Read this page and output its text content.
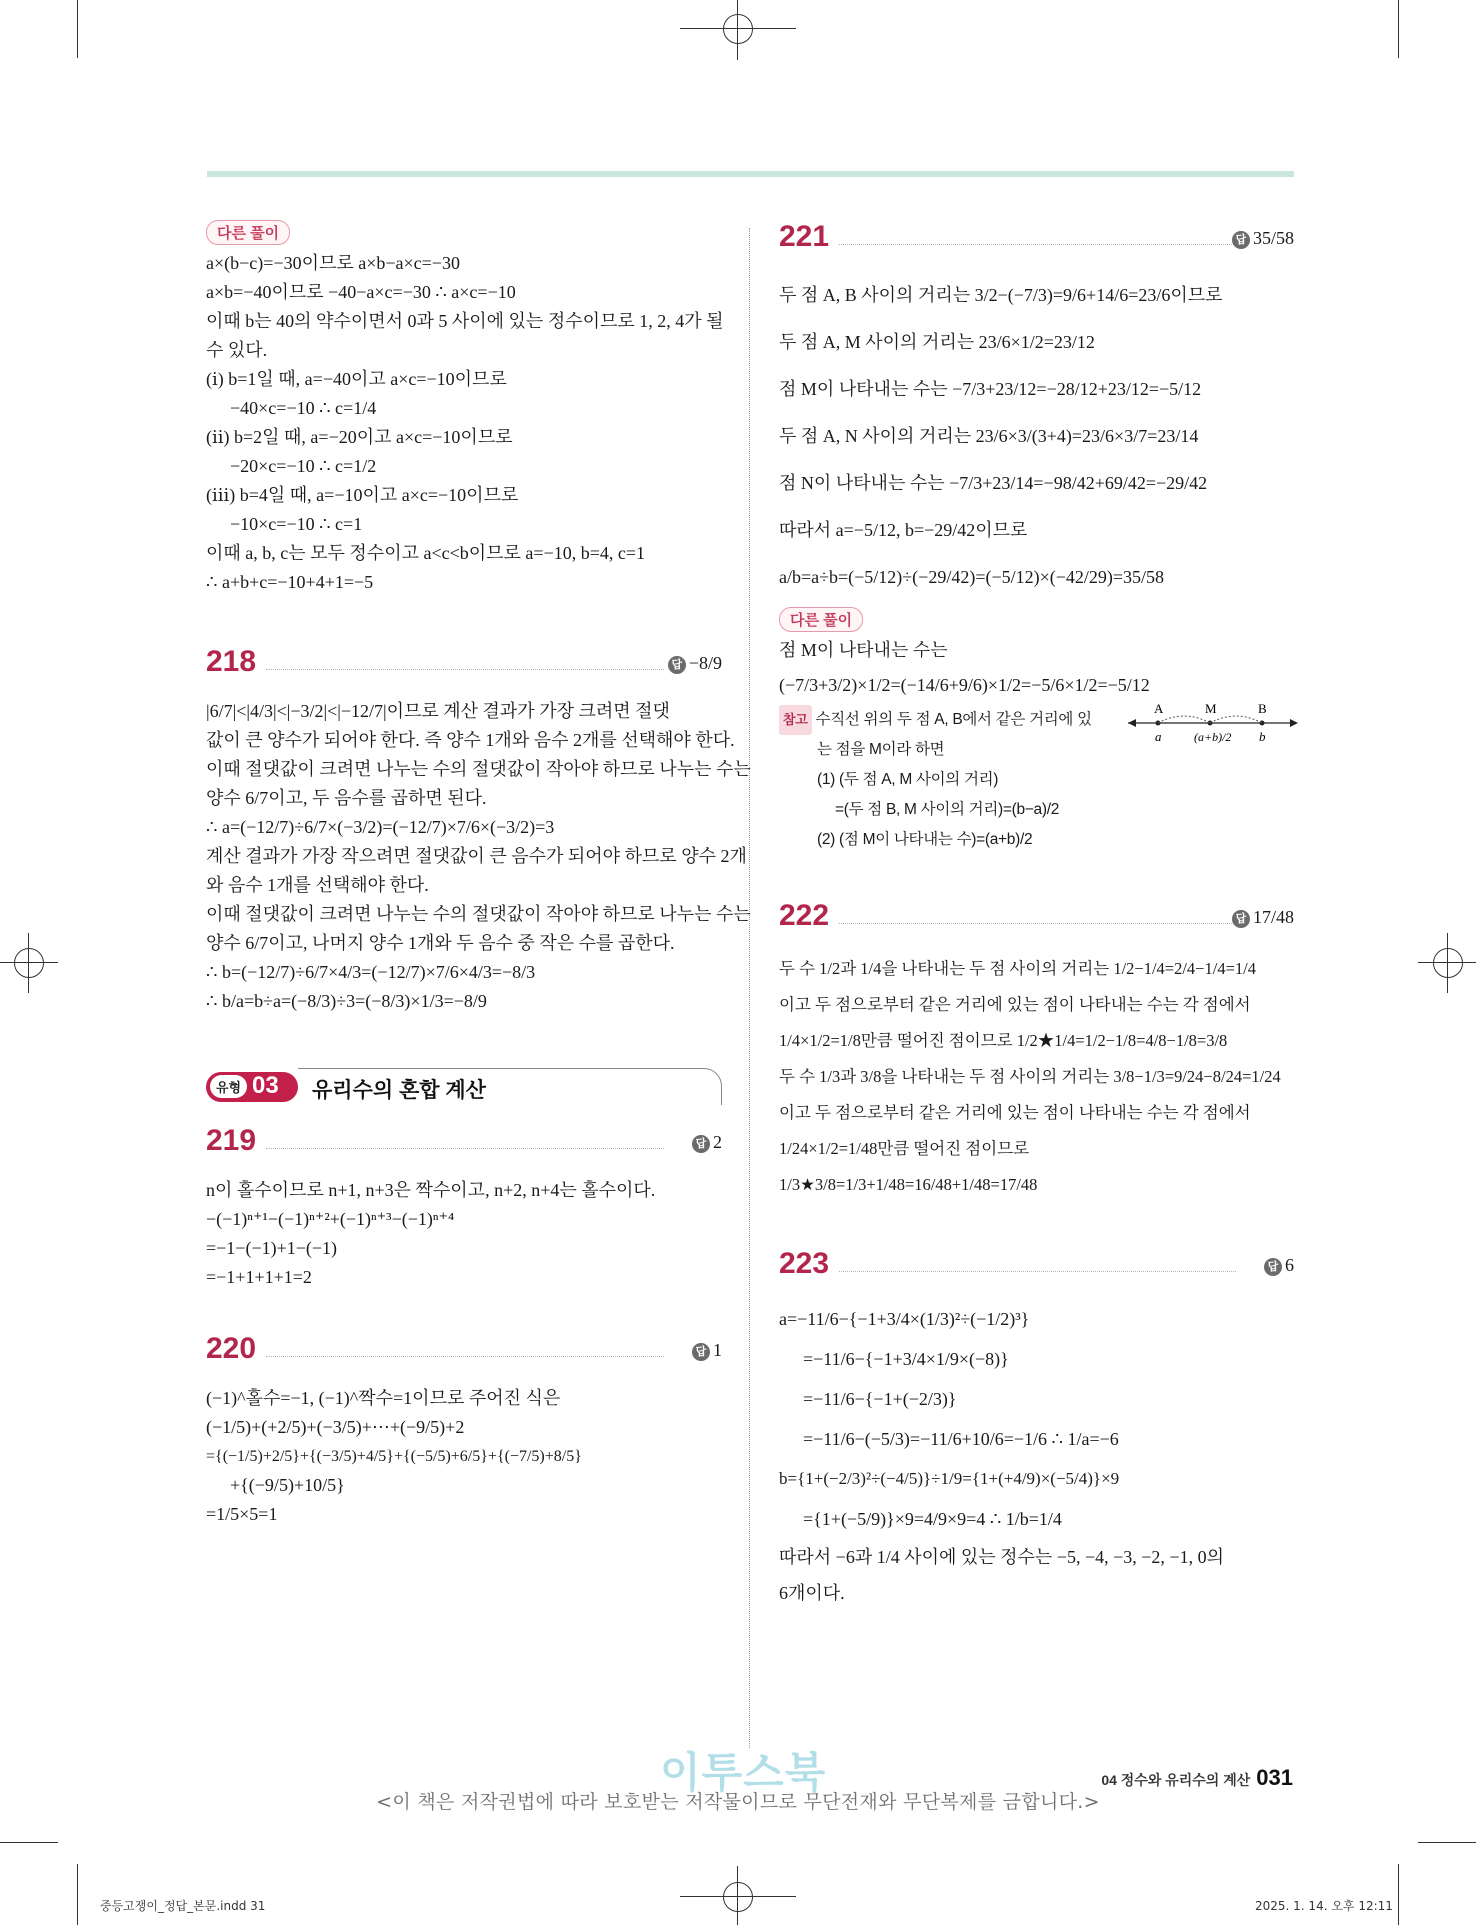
다른 풀이
a×(b−c)=−30이므로 a×b−a×c=−30
a×b=−40이므로 −40−a×c=−30 ∴ a×c=−10
이때 b는 40의 약수이면서 0과 5 사이에 있는 정수이므로 1, 2, 4가 될
수 있다.
(ⅰ) b=1일 때, a=−40이고 a×c=−10이므로
−40×c=−10 ∴ c=1/4
(ⅱ) b=2일 때, a=−20이고 a×c=−10이므로
−20×c=−10 ∴ c=1/2
(ⅲ) b=4일 때, a=−10이고 a×c=−10이므로
−10×c=−10 ∴ c=1
이때 a, b, c는 모두 정수이고 a<c<b이므로 a=−10, b=4, c=1
∴ a+b+c=−10+4+1=−5
218	답 −8/9
|6/7|<|4/3|<|−3/2|<|−12/7|이므로 계산 결과가 가장 크려면 절댓
값이 큰 양수가 되어야 한다. 즉 양수 1개와 음수 2개를 선택해야 한다.
이때 절댓값이 크려면 나누는 수의 절댓값이 작아야 하므로 나누는 수는
양수 6/7이고, 두 음수를 곱하면 된다.
∴ a=(−12/7)÷6/7×(−3/2)=(−12/7)×7/6×(−3/2)=3
계산 결과가 가장 작으려면 절댓값이 큰 음수가 되어야 하므로 양수 2개
와 음수 1개를 선택해야 한다.
이때 절댓값이 크려면 나누는 수의 절댓값이 작아야 하므로 나누는 수는
양수 6/7이고, 나머지 양수 1개와 두 음수 중 작은 수를 곱한다.
∴ b=(−12/7)÷6/7×4/3=(−12/7)×7/6×4/3=−8/3
∴ b/a=b÷a=(−8/3)÷3=(−8/3)×1/3=−8/9
유형 03 유리수의 혼합 계산
219	답 2
n이 홀수이므로 n+1, n+3은 짝수이고, n+2, n+4는 홀수이다.
−(−1)ⁿ⁺¹−(−1)ⁿ⁺²+(−1)ⁿ⁺³−(−1)ⁿ⁺⁴
=−1−(−1)+1−(−1)
=−1+1+1+1=2
220	답 1
(−1)^홀수=−1, (−1)^짝수=1이므로 주어진 식은
(−1/5)+(+2/5)+(−3/5)+⋯+(−9/5)+2
={(−1/5)+2/5}+{(−3/5)+4/5}+{(−5/5)+6/5}+{(−7/5)+8/5}
+{(−9/5)+10/5}
=1/5×5=1
221	답 35/58
두 점 A, B 사이의 거리는 3/2−(−7/3)=9/6+14/6=23/6이므로
두 점 A, M 사이의 거리는 23/6×1/2=23/12
점 M이 나타내는 수는 −7/3+23/12=−28/12+23/12=−5/12
두 점 A, N 사이의 거리는 23/6×3/(3+4)=23/6×3/7=23/14
점 N이 나타내는 수는 −7/3+23/14=−98/42+69/42=−29/42
따라서 a=−5/12, b=−29/42이므로
a/b=a÷b=(−5/12)÷(−29/42)=(−5/12)×(−42/29)=35/58
다른 풀이
점 M이 나타내는 수는
(−7/3+3/2)×1/2=(−14/6+9/6)×1/2=−5/6×1/2=−5/12
참고 수직선 위의 두 점 A, B에서 같은 거리에 있
는 점을 M이라 하면
(1) (두 점 A, M 사이의 거리)
=(두 점 B, M 사이의 거리)=(b−a)/2
(2) (점 M이 나타내는 수)=(a+b)/2
A	M	B
a	(a+b)/2 b
222	답 17/48
두 수 1/2과 1/4을 나타내는 두 점 사이의 거리는 1/2−1/4=2/4−1/4=1/4
이고 두 점으로부터 같은 거리에 있는 점이 나타내는 수는 각 점에서
1/4×1/2=1/8만큼 떨어진 점이므로 1/2★1/4=1/2−1/8=4/8−1/8=3/8
두 수 1/3과 3/8을 나타내는 두 점 사이의 거리는 3/8−1/3=9/24−8/24=1/24
이고 두 점으로부터 같은 거리에 있는 점이 나타내는 수는 각 점에서
1/24×1/2=1/48만큼 떨어진 점이므로
1/3★3/8=1/3+1/48=16/48+1/48=17/48
223	답 6
a=−11/6−{−1+3/4×(1/3)²÷(−1/2)³}
=−11/6−{−1+3/4×1/9×(−8)}
=−11/6−{−1+(−2/3)}
=−11/6−(−5/3)=−11/6+10/6=−1/6 ∴ 1/a=−6
b={1+(−2/3)²÷(−4/5)}÷1/9={1+(+4/9)×(−5/4)}×9
={1+(−5/9)}×9=4/9×9=4 ∴ 1/b=1/4
따라서 −6과 1/4 사이에 있는 정수는 −5, −4, −3, −2, −1, 0의
6개이다.
이투스북	04 정수와 유리수의 계산 031
<이 책은 저작권법에 따라 보호받는 저작물이므로 무단전재와 무단복제를 금합니다.>
중등고쟁이_정답_본문.indd 31	2025. 1. 14. 오후 12:11
